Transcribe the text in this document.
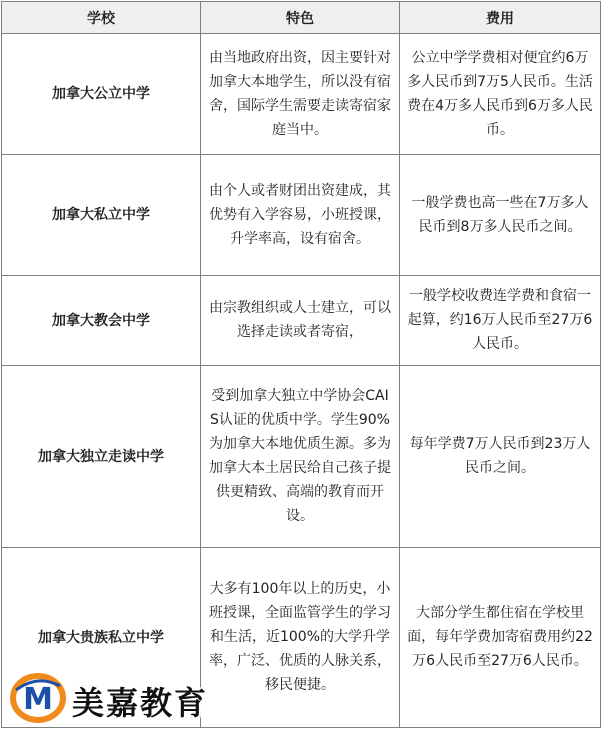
学校	特色	费用
加拿大公立中学	由当地政府出资，因主要针对加拿大本地学生，所以没有宿舍，国际学生需要走读寄宿家庭当中。	公立中学学费相对便宜约6万多人民币到7万5人民币。生活费在4万多人民币到6万多人民币。
加拿大私立中学	由个人或者财团出资建成，其优势有入学容易，小班授课，升学率高，设有宿舍。	一般学费也高一些在7万多人民币到8万多人民币之间。
加拿大教会中学	由宗教组织或人士建立，可以选择走读或者寄宿，	一般学校收费连学费和食宿一起算，约16万人民币至27万6人民币。
加拿大独立走读中学	受到加拿大独立中学协会CAIS认证的优质中学。学生90%为加拿大本地优质生源。多为加拿大本土居民给自己孩子提供更精致、高端的教育而开设。	每年学费7万人民币到23万人民币之间。
加拿大贵族私立中学	大多有100年以上的历史，小班授课，全面监管学生的学习和生活，近100%的大学升学率，广泛、优质的人脉关系，移民便捷。	大部分学生都住宿在学校里面，每年学费加寄宿费用约22万6人民币至27万6人民币。
M 美嘉教育
